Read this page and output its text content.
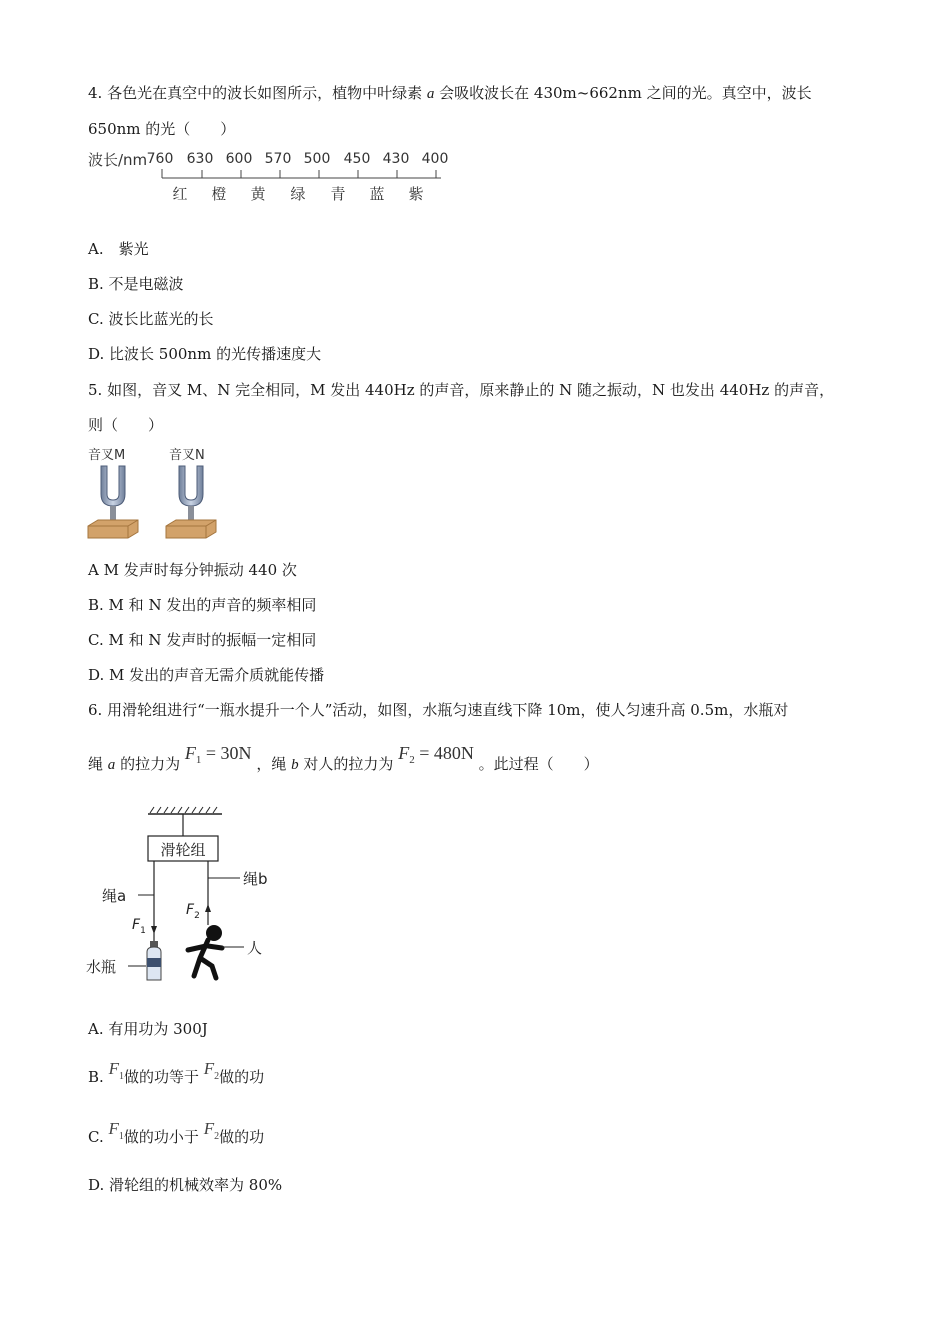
4. 各色光在真空中的波长如图所示，植物中叶绿素 a 会吸收波长在 430m~662nm 之间的光。真空中，波长
650nm 的光（　　）
波长/nm 760 630 600 570 500 450 430 400
红 橙 黄 绿 青 蓝 紫
A.　紫光
B. 不是电磁波
C. 波长比蓝光的长
D. 比波长 500nm 的光传播速度大
5. 如图，音叉 M、N 完全相同，M 发出 440Hz 的声音，原来静止的 N 随之振动，N 也发出 440Hz 的声音，
则（　　）
音叉M	音叉N
A M 发声时每分钟振动 440 次
B. M 和 N 发出的声音的频率相同
C. M 和 N 发声时的振幅一定相同
D. M 发出的声音无需介质就能传播
6. 用滑轮组进行“一瓶水提升一个人”活动，如图，水瓶匀速直线下降 10m，使人匀速升高 0.5m，水瓶对
绳 a 的拉力为 $F_1 = 30N$ ，绳 b 对人的拉力为 $F_2 = 480N$ 。此过程（　　）
滑轮组
绳a
$F_1$
水瓶
绳b
$F_2$
人
A. 有用功为 300J
B. $F_1$做的功等于 $F_2$做的功
C. $F_1$做的功小于 $F_2$做的功
D. 滑轮组的机械效率为 80%
